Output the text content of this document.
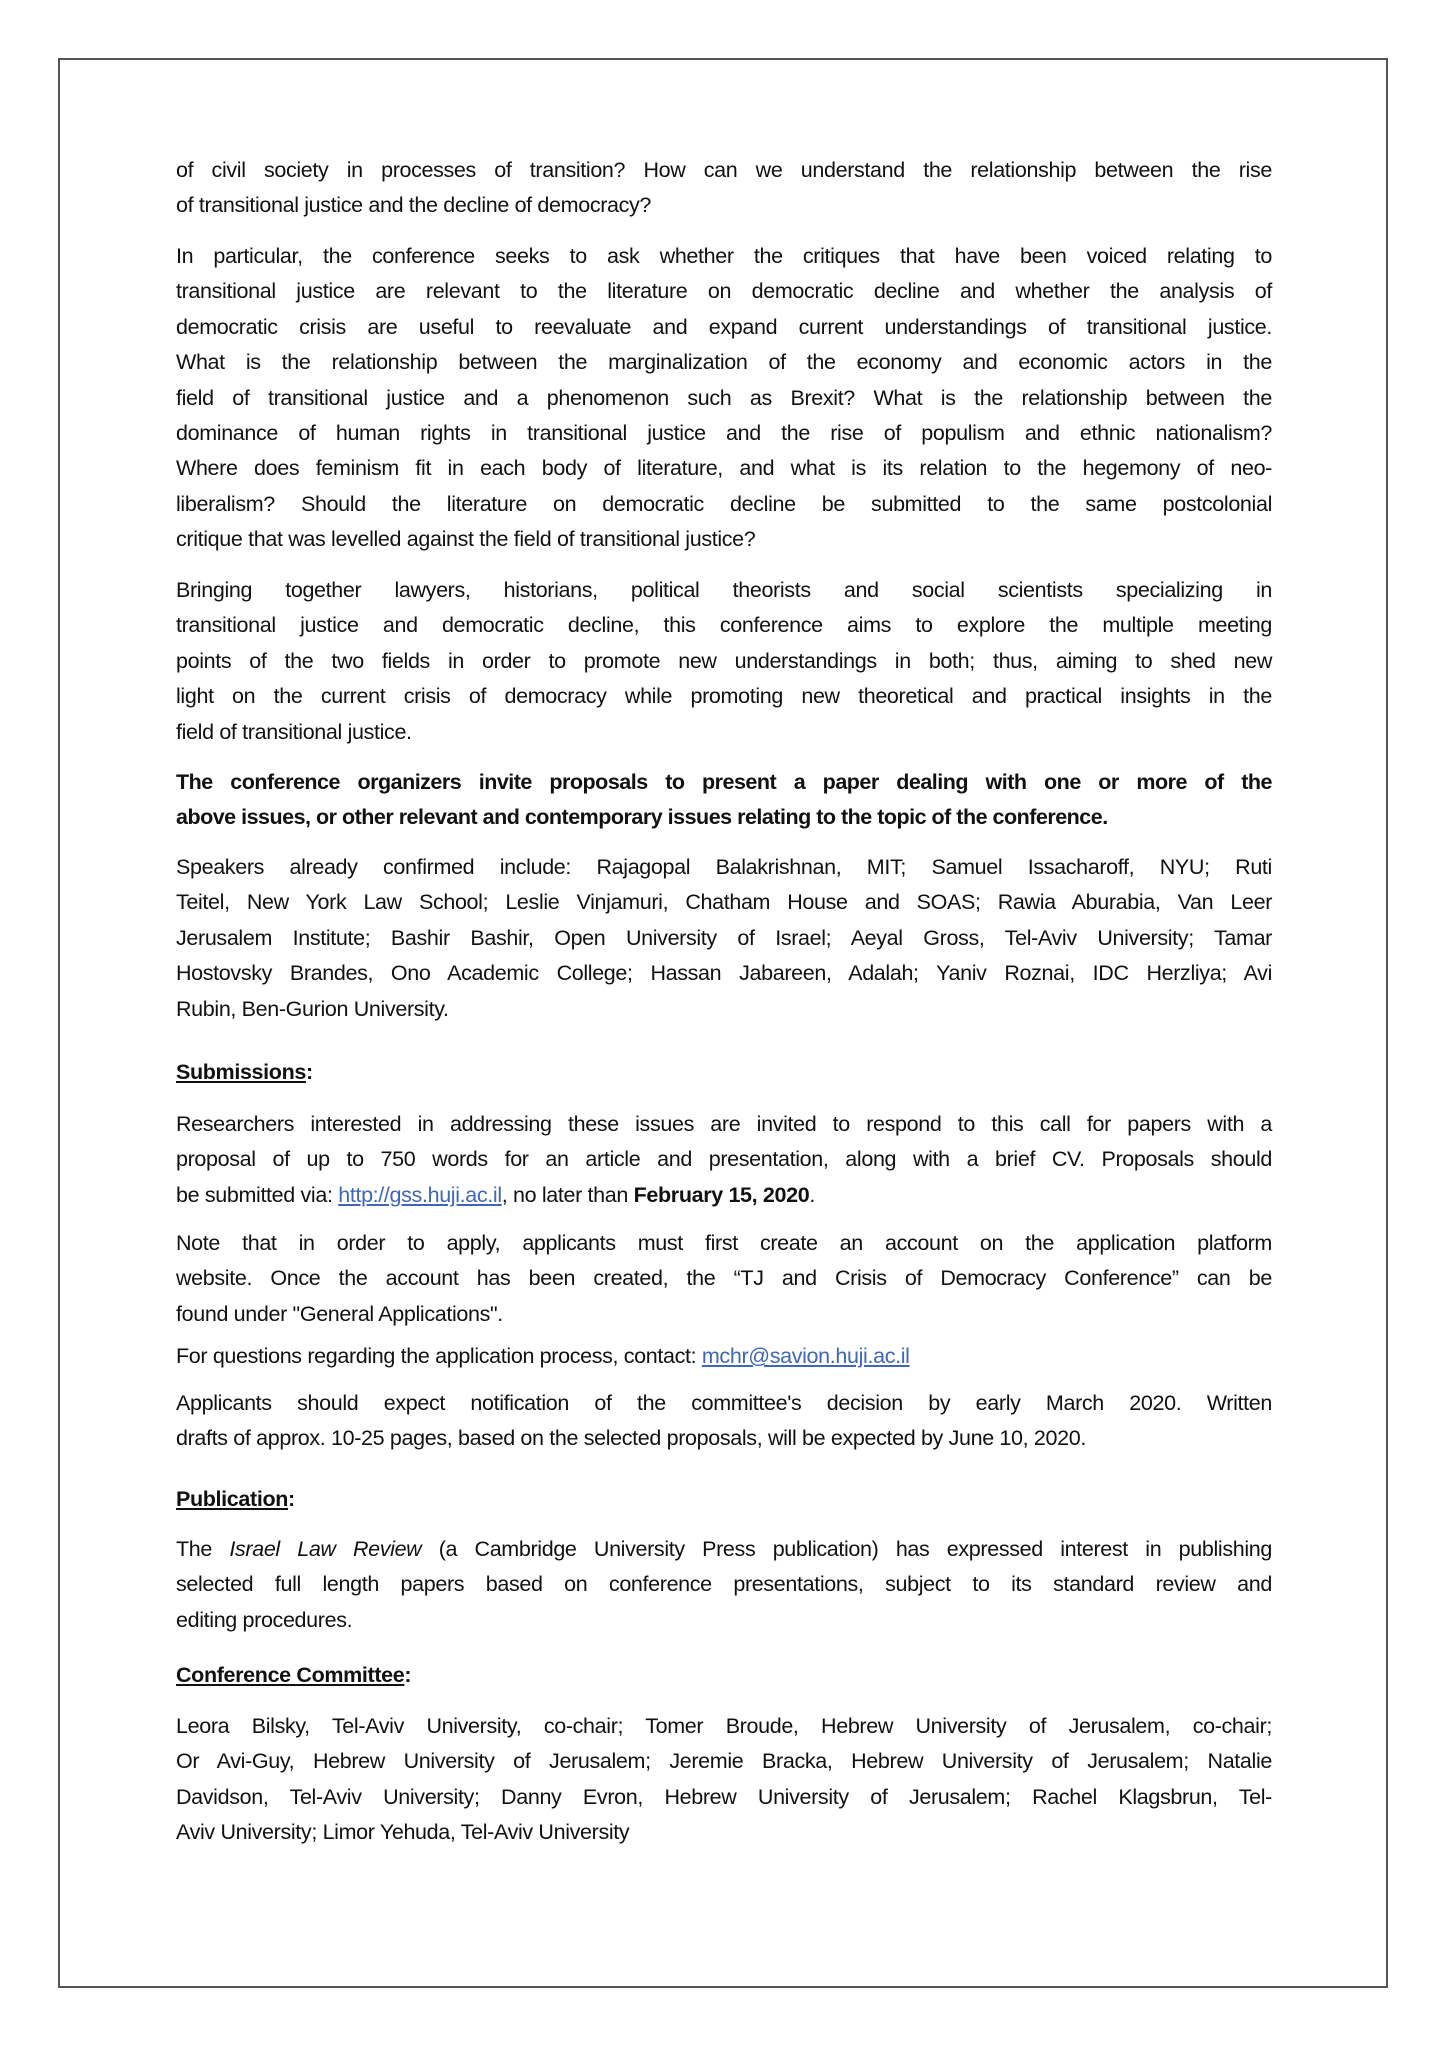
of civil society in processes of transition? How can we understand the relationship between the rise
of transitional justice and the decline of democracy?
In particular, the conference seeks to ask whether the critiques that have been voiced relating to
transitional justice are relevant to the literature on democratic decline and whether the analysis of
democratic crisis are useful to reevaluate and expand current understandings of transitional justice.
What is the relationship between the marginalization of the economy and economic actors in the
field of transitional justice and a phenomenon such as Brexit? What is the relationship between the
dominance of human rights in transitional justice and the rise of populism and ethnic nationalism?
Where does feminism fit in each body of literature, and what is its relation to the hegemony of neo-
liberalism? Should the literature on democratic decline be submitted to the same postcolonial
critique that was levelled against the field of transitional justice?
Bringing together lawyers, historians, political theorists and social scientists specializing in
transitional justice and democratic decline, this conference aims to explore the multiple meeting
points of the two fields in order to promote new understandings in both; thus, aiming to shed new
light on the current crisis of democracy while promoting new theoretical and practical insights in the
field of transitional justice.
The conference organizers invite proposals to present a paper dealing with one or more of the
above issues, or other relevant and contemporary issues relating to the topic of the conference.
Speakers already confirmed include: Rajagopal Balakrishnan, MIT; Samuel Issacharoff, NYU; Ruti
Teitel, New York Law School; Leslie Vinjamuri, Chatham House and SOAS; Rawia Aburabia, Van Leer
Jerusalem Institute; Bashir Bashir, Open University of Israel; Aeyal Gross, Tel-Aviv University; Tamar
Hostovsky Brandes, Ono Academic College; Hassan Jabareen, Adalah; Yaniv Roznai, IDC Herzliya; Avi
Rubin, Ben-Gurion University.
Submissions:
Researchers interested in addressing these issues are invited to respond to this call for papers with a
proposal of up to 750 words for an article and presentation, along with a brief CV. Proposals should
be submitted via: http://gss.huji.ac.il, no later than February 15, 2020.
Note that in order to apply, applicants must first create an account on the application platform
website. Once the account has been created, the “TJ and Crisis of Democracy Conference” can be
found under "General Applications".
For questions regarding the application process, contact: mchr@savion.huji.ac.il
Applicants should expect notification of the committee's decision by early March 2020. Written
drafts of approx. 10-25 pages, based on the selected proposals, will be expected by June 10, 2020.
Publication:
The Israel Law Review (a Cambridge University Press publication) has expressed interest in publishing
selected full length papers based on conference presentations, subject to its standard review and
editing procedures.
Conference Committee:
Leora Bilsky, Tel-Aviv University, co-chair; Tomer Broude, Hebrew University of Jerusalem, co-chair;
Or Avi-Guy, Hebrew University of Jerusalem; Jeremie Bracka, Hebrew University of Jerusalem; Natalie
Davidson, Tel-Aviv University; Danny Evron, Hebrew University of Jerusalem; Rachel Klagsbrun, Tel-
Aviv University; Limor Yehuda, Tel-Aviv University
